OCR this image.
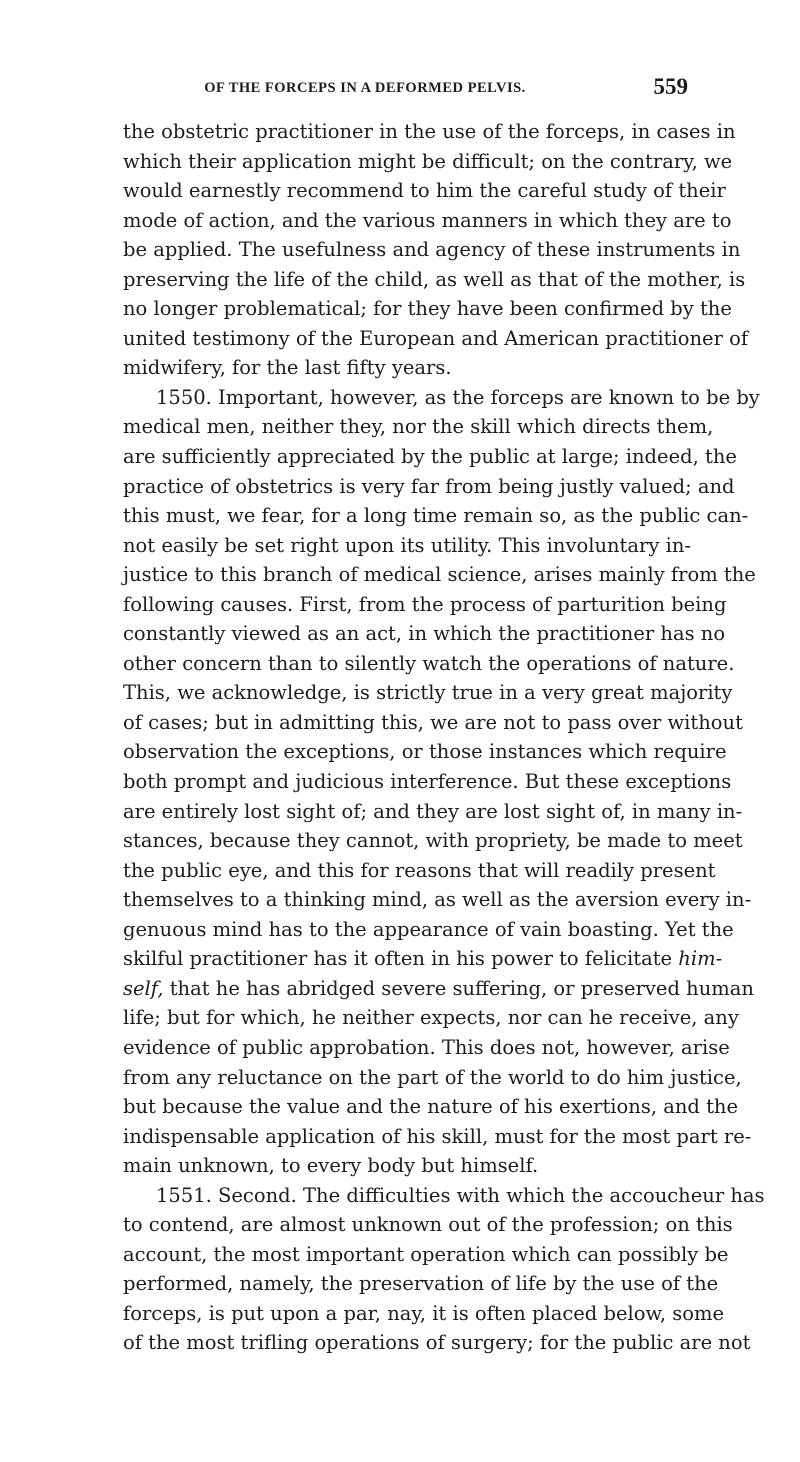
OF THE FORCEPS IN A DEFORMED PELVIS.	559
the obstetric practitioner in the use of the forceps, in cases in
which their application might be difficult; on the contrary, we
would earnestly recommend to him the careful study of their
mode of action, and the various manners in which they are to
be applied. The usefulness and agency of these instruments in
preserving the life of the child, as well as that of the mother, is
no longer problematical; for they have been confirmed by the
united testimony of the European and American practitioner of
midwifery, for the last fifty years.
1550. Important, however, as the forceps are known to be by
medical men, neither they, nor the skill which directs them,
are sufficiently appreciated by the public at large; indeed, the
practice of obstetrics is very far from being justly valued; and
this must, we fear, for a long time remain so, as the public can-
not easily be set right upon its utility. This involuntary in-
justice to this branch of medical science, arises mainly from the
following causes. First, from the process of parturition being
constantly viewed as an act, in which the practitioner has no
other concern than to silently watch the operations of nature.
This, we acknowledge, is strictly true in a very great majority
of cases; but in admitting this, we are not to pass over without
observation the exceptions, or those instances which require
both prompt and judicious interference. But these exceptions
are entirely lost sight of; and they are lost sight of, in many in-
stances, because they cannot, with propriety, be made to meet
the public eye, and this for reasons that will readily present
themselves to a thinking mind, as well as the aversion every in-
genuous mind has to the appearance of vain boasting. Yet the
skilful practitioner has it often in his power to felicitate him-
self, that he has abridged severe suffering, or preserved human
life; but for which, he neither expects, nor can he receive, any
evidence of public approbation. This does not, however, arise
from any reluctance on the part of the world to do him justice,
but because the value and the nature of his exertions, and the
indispensable application of his skill, must for the most part re-
main unknown, to every body but himself.
1551. Second. The difficulties with which the accoucheur has
to contend, are almost unknown out of the profession; on this
account, the most important operation which can possibly be
performed, namely, the preservation of life by the use of the
forceps, is put upon a par, nay, it is often placed below, some
of the most trifling operations of surgery; for the public are not
